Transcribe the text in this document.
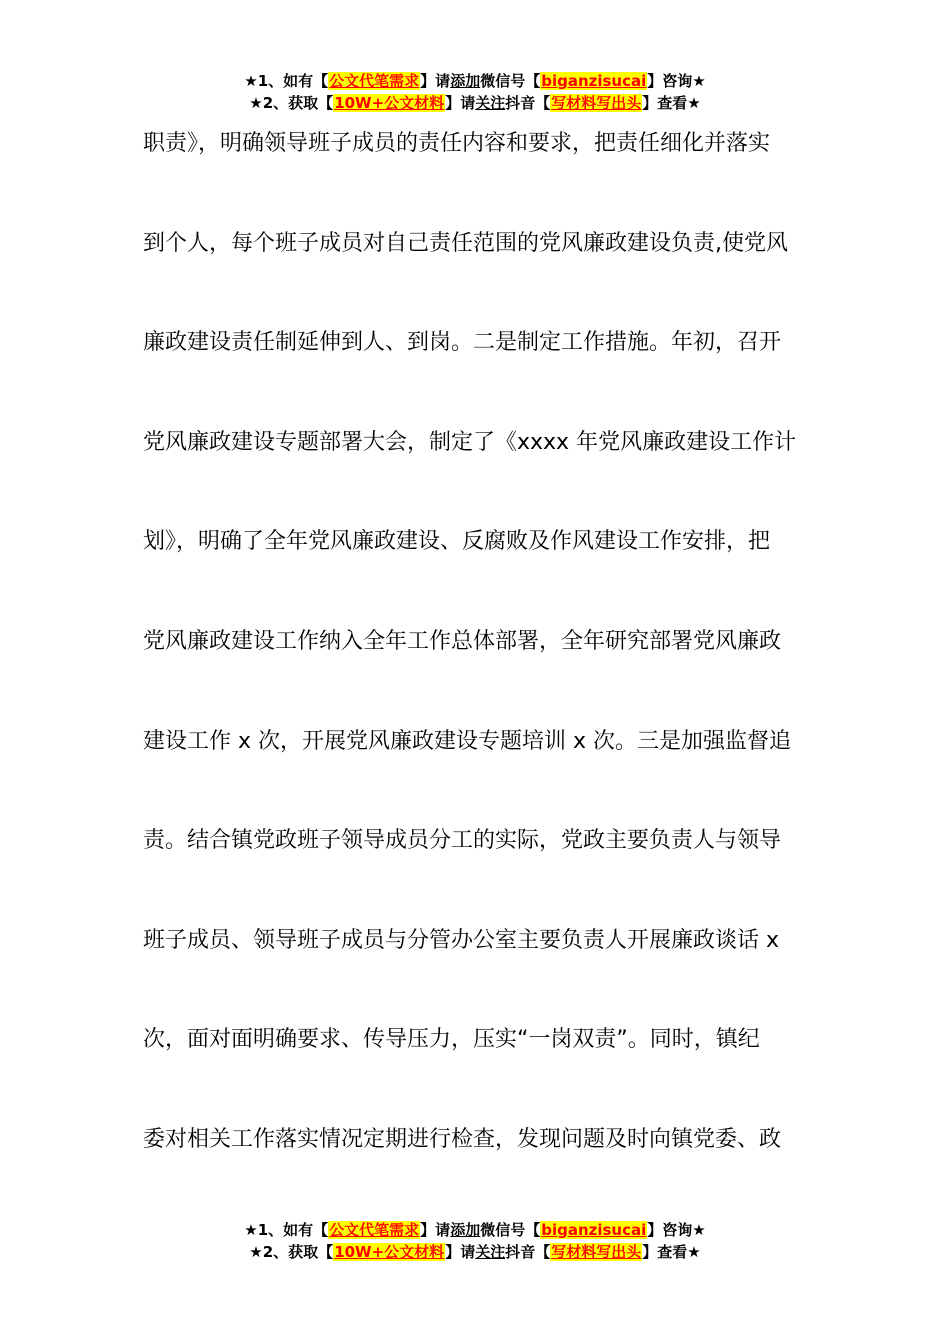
★1、如有【公文代笔需求】请添加微信号【biganzisucai】咨询★
★2、获取【10W+公文材料】请关注抖音【写材料写出头】查看★
职责》，明确领导班子成员的责任内容和要求，把责任细化并落实
到个人，每个班子成员对自己责任范围的党风廉政建设负责,使党风
廉政建设责任制延伸到人、到岗。二是制定工作措施。年初，召开
党风廉政建设专题部署大会，制定了《xxxx 年党风廉政建设工作计
划》，明确了全年党风廉政建设、反腐败及作风建设工作安排，把
党风廉政建设工作纳入全年工作总体部署，全年研究部署党风廉政
建设工作 x 次，开展党风廉政建设专题培训 x 次。三是加强监督追
责。结合镇党政班子领导成员分工的实际，党政主要负责人与领导
班子成员、领导班子成员与分管办公室主要负责人开展廉政谈话 x
次，面对面明确要求、传导压力，压实“一岗双责”。同时，镇纪
委对相关工作落实情况定期进行检查，发现问题及时向镇党委、政
★1、如有【公文代笔需求】请添加微信号【biganzisucai】咨询★
★2、获取【10W+公文材料】请关注抖音【写材料写出头】查看★
